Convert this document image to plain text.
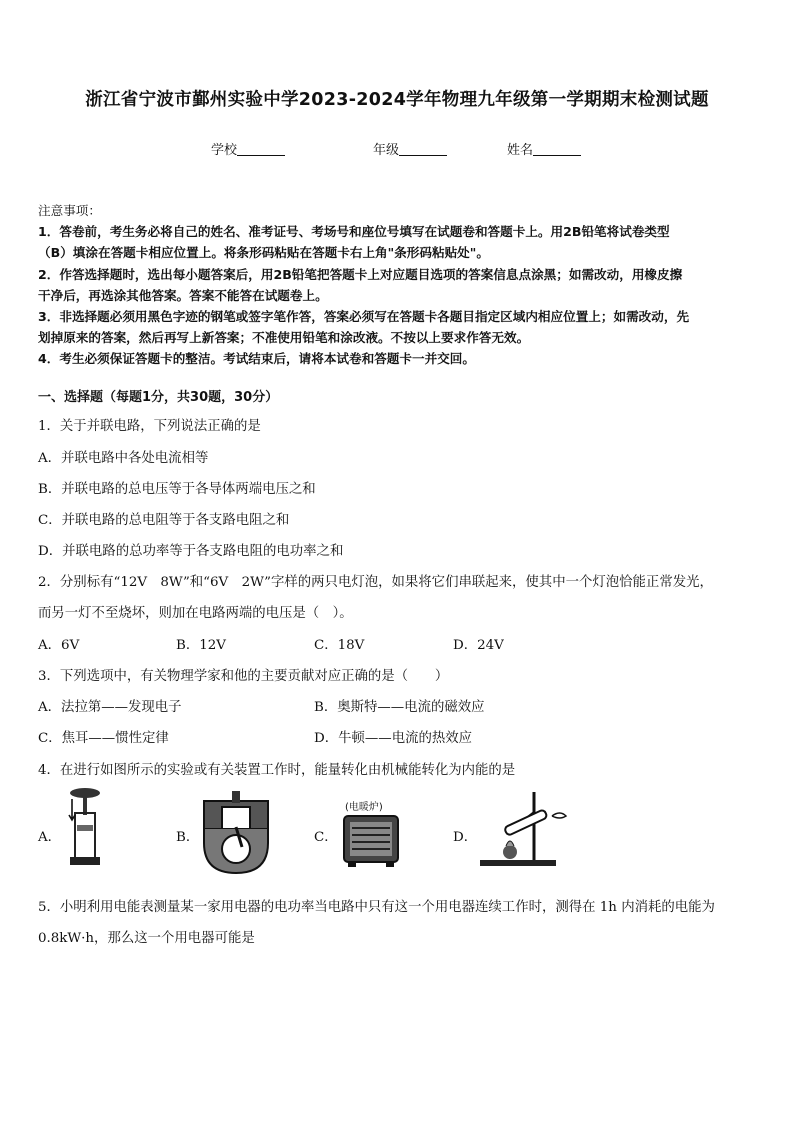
浙江省宁波市鄞州实验中学2023-2024学年物理九年级第一学期期末检测试题
学校	年级	姓名

注意事项：

1．答卷前，考生务必将自己的姓名、准考证号、考场号和座位号填写在试题卷和答题卡上。用2B铅笔将试卷类型

（B）填涂在答题卡相应位置上。将条形码粘贴在答题卡右上角"条形码粘贴处"。

2．作答选择题时，选出每小题答案后，用2B铅笔把答题卡上对应题目选项的答案信息点涂黑；如需改动，用橡皮擦

干净后，再选涂其他答案。答案不能答在试题卷上。

3．非选择题必须用黑色字迹的钢笔或签字笔作答，答案必须写在答题卡各题目指定区域内相应位置上；如需改动，先

划掉原来的答案，然后再写上新答案；不准使用铅笔和涂改液。不按以上要求作答无效。

4．考生必须保证答题卡的整洁。考试结束后，请将本试卷和答题卡一并交回。

一、选择题（每题1分，共30题，30分）
1．关于并联电路，下列说法正确的是
A．并联电路中各处电流相等
B．并联电路的总电压等于各导体两端电压之和
C．并联电路的总电阻等于各支路电阻之和
D．并联电路的总功率等于各支路电阻的电功率之和
2．分别标有“12V　8W”和“6V　2W”字样的两只电灯泡，如果将它们串联起来，使其中一个灯泡恰能正常发光，
而另一灯不至烧坏，则加在电路两端的电压是（　）。
A．6V	B．12V	C．18V	D．24V
3．下列选项中，有关物理学家和他的主要贡献对应正确的是（　　）
A．法拉第——发现电子	B．奥斯特——电流的磁效应
C．焦耳——惯性定律	D．牛顿——电流的热效应
4．在进行如图所示的实验或有关装置工作时，能量转化由机械能转化为内能的是
A．	B．	C．
(电暖炉)
D．
5．小明利用电能表测量某一家用电器的电功率当电路中只有这一个用电器连续工作时，测得在 1h 内消耗的电能为
0.8kW·h，那么这一个用电器可能是
